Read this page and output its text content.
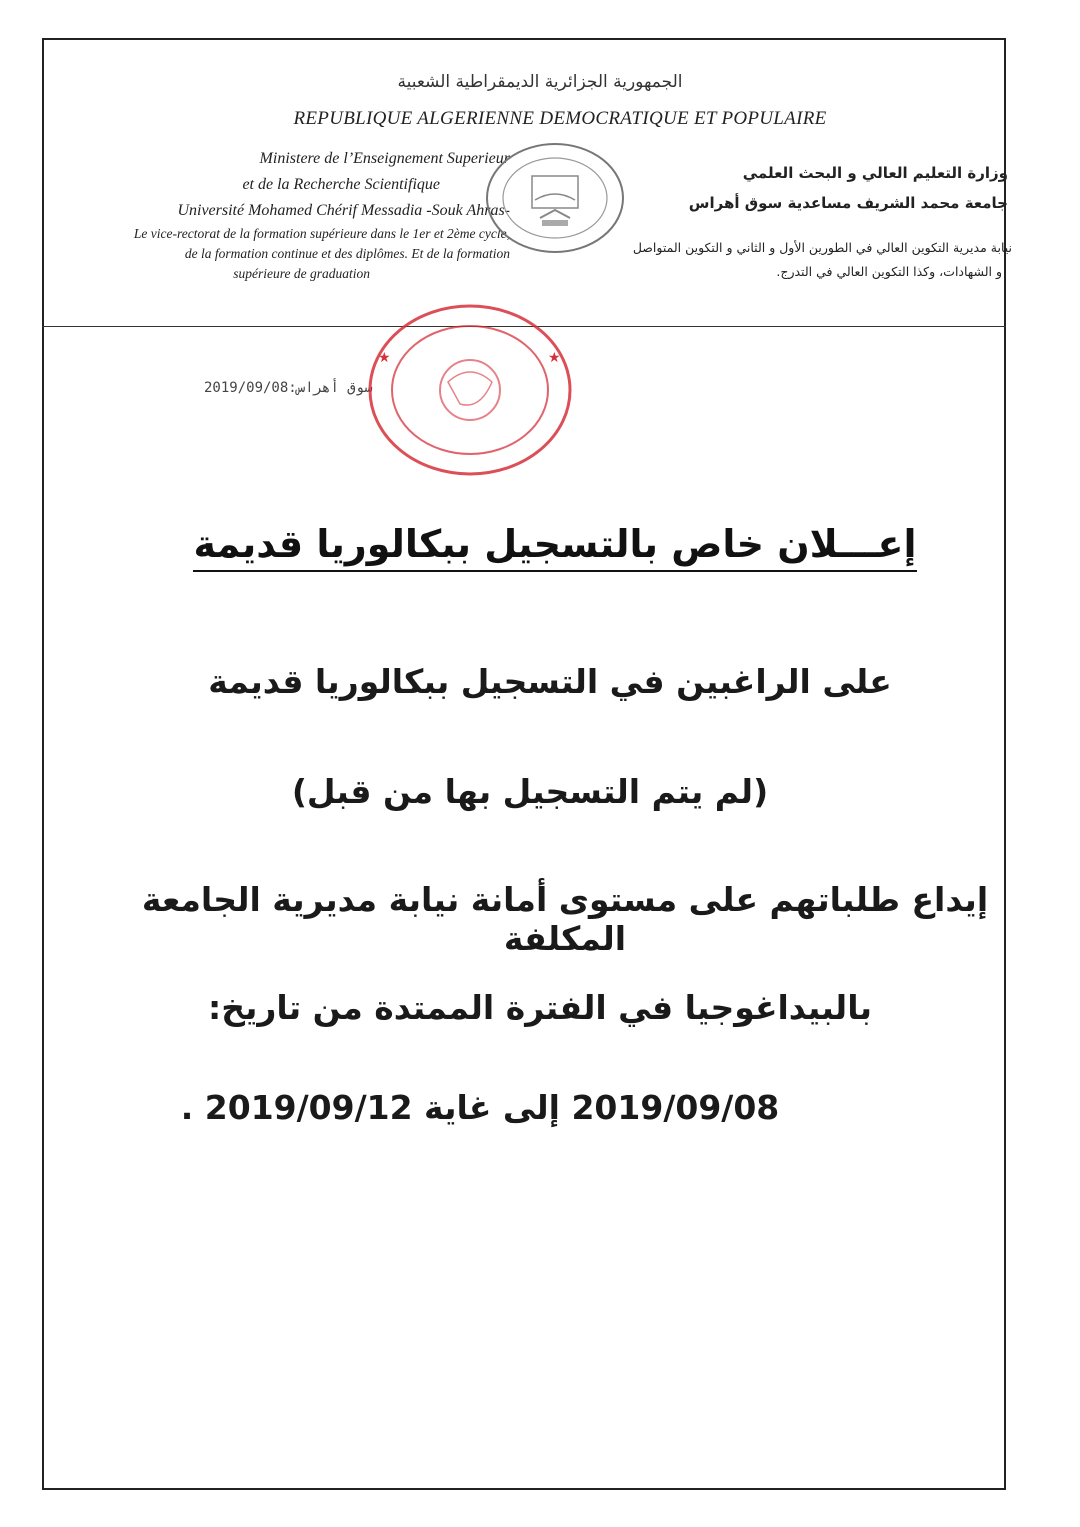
الجمهورية الجزائرية الديمقراطية الشعبية
REPUBLIQUE ALGERIENNE DEMOCRATIQUE ET POPULAIRE
Ministere de l’Enseignement Superieur
et de la Recherche Scientifique
Université Mohamed Chérif Messadia -Souk Ahras-
Le vice-rectorat de la formation supérieure dans le 1er et 2ème cycle,
de la formation continue et des diplômes. Et de la formation
supérieure de graduation
وزارة التعليم العالي و البحث العلمي
جامعة محمد الشريف مساعدية سوق أهراس
نيابة مديرية التكوين العالي في الطورين الأول و الثاني و التكوين المتواصل
و الشهادات، وكذا التكوين العالي في التدرج.
سوق أهراس:2019/09/08
★	★
إعـــلان خاص بالتسجيل ببكالوريا قديمة
على الراغبين في التسجيل ببكالوريا قديمة
(لم يتم التسجيل بها من قبل)
إيداع طلباتهم على مستوى أمانة نيابة مديرية الجامعة المكلفة
بالبيداغوجيا في الفترة الممتدة من تاريخ:
2019/09/08 إلى غاية 2019/09/12 .
